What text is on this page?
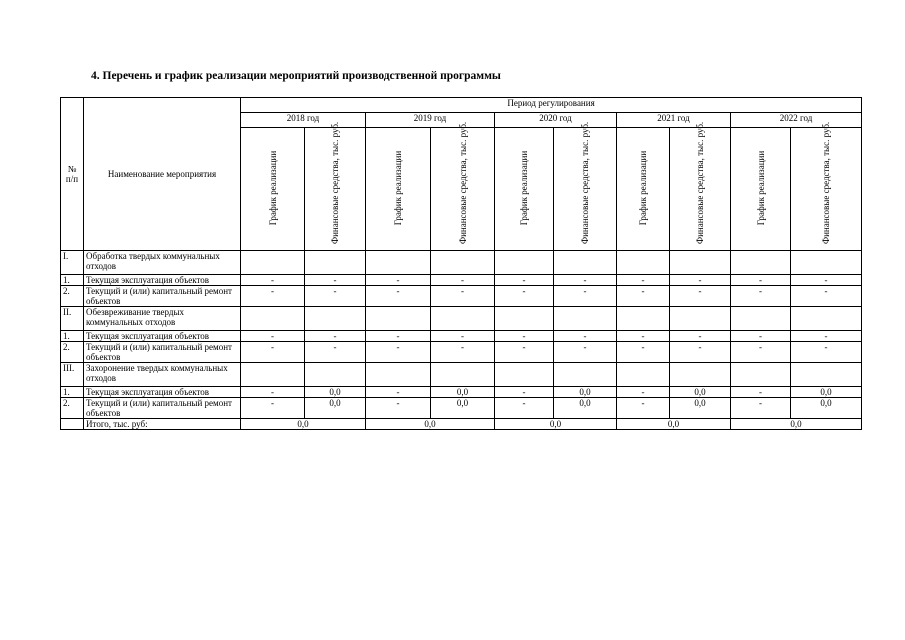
4. Перечень и график реализации мероприятий производственной программы
№
п/п	Наименование мероприятия	Период регулирования									
		2018 год		2019 год		2020 год		2021 год		2022 год	

		График реализации	Финансовые средства, тыс. руб.	График реализации	Финансовые средства, тыс. руб.	График реализации	Финансовые средства, тыс. руб.	График реализации	Финансовые средства, тыс. руб.	График реализации	Финансовые средства, тыс. руб.

I.	Обработка твердых коммунальных отходов										
1.	Текущая эксплуатация объектов	-	-	-	-	-	-	-	-	-	-
2.	Текущий и (или) капитальный ремонт объектов	-	-	-	-	-	-	-	-	-	-
II.	Обезвреживание твердых коммунальных отходов										
1.	Текущая эксплуатация объектов	-	-	-	-	-	-	-	-	-	-
2.	Текущий и (или) капитальный ремонт объектов	-	-	-	-	-	-	-	-	-	-
III.	Захоронение твердых коммунальных отходов										
1.	Текущая эксплуатация объектов	-	0,0	-	0,0	-	0,0	-	0,0	-	0,0
2.	Текущий и (или) капитальный ремонт объектов	-	0,0	-	0,0	-	0,0	-	0,0	-	0,0
	Итого, тыс. руб:	0,0		0,0		0,0		0,0		0,0	
